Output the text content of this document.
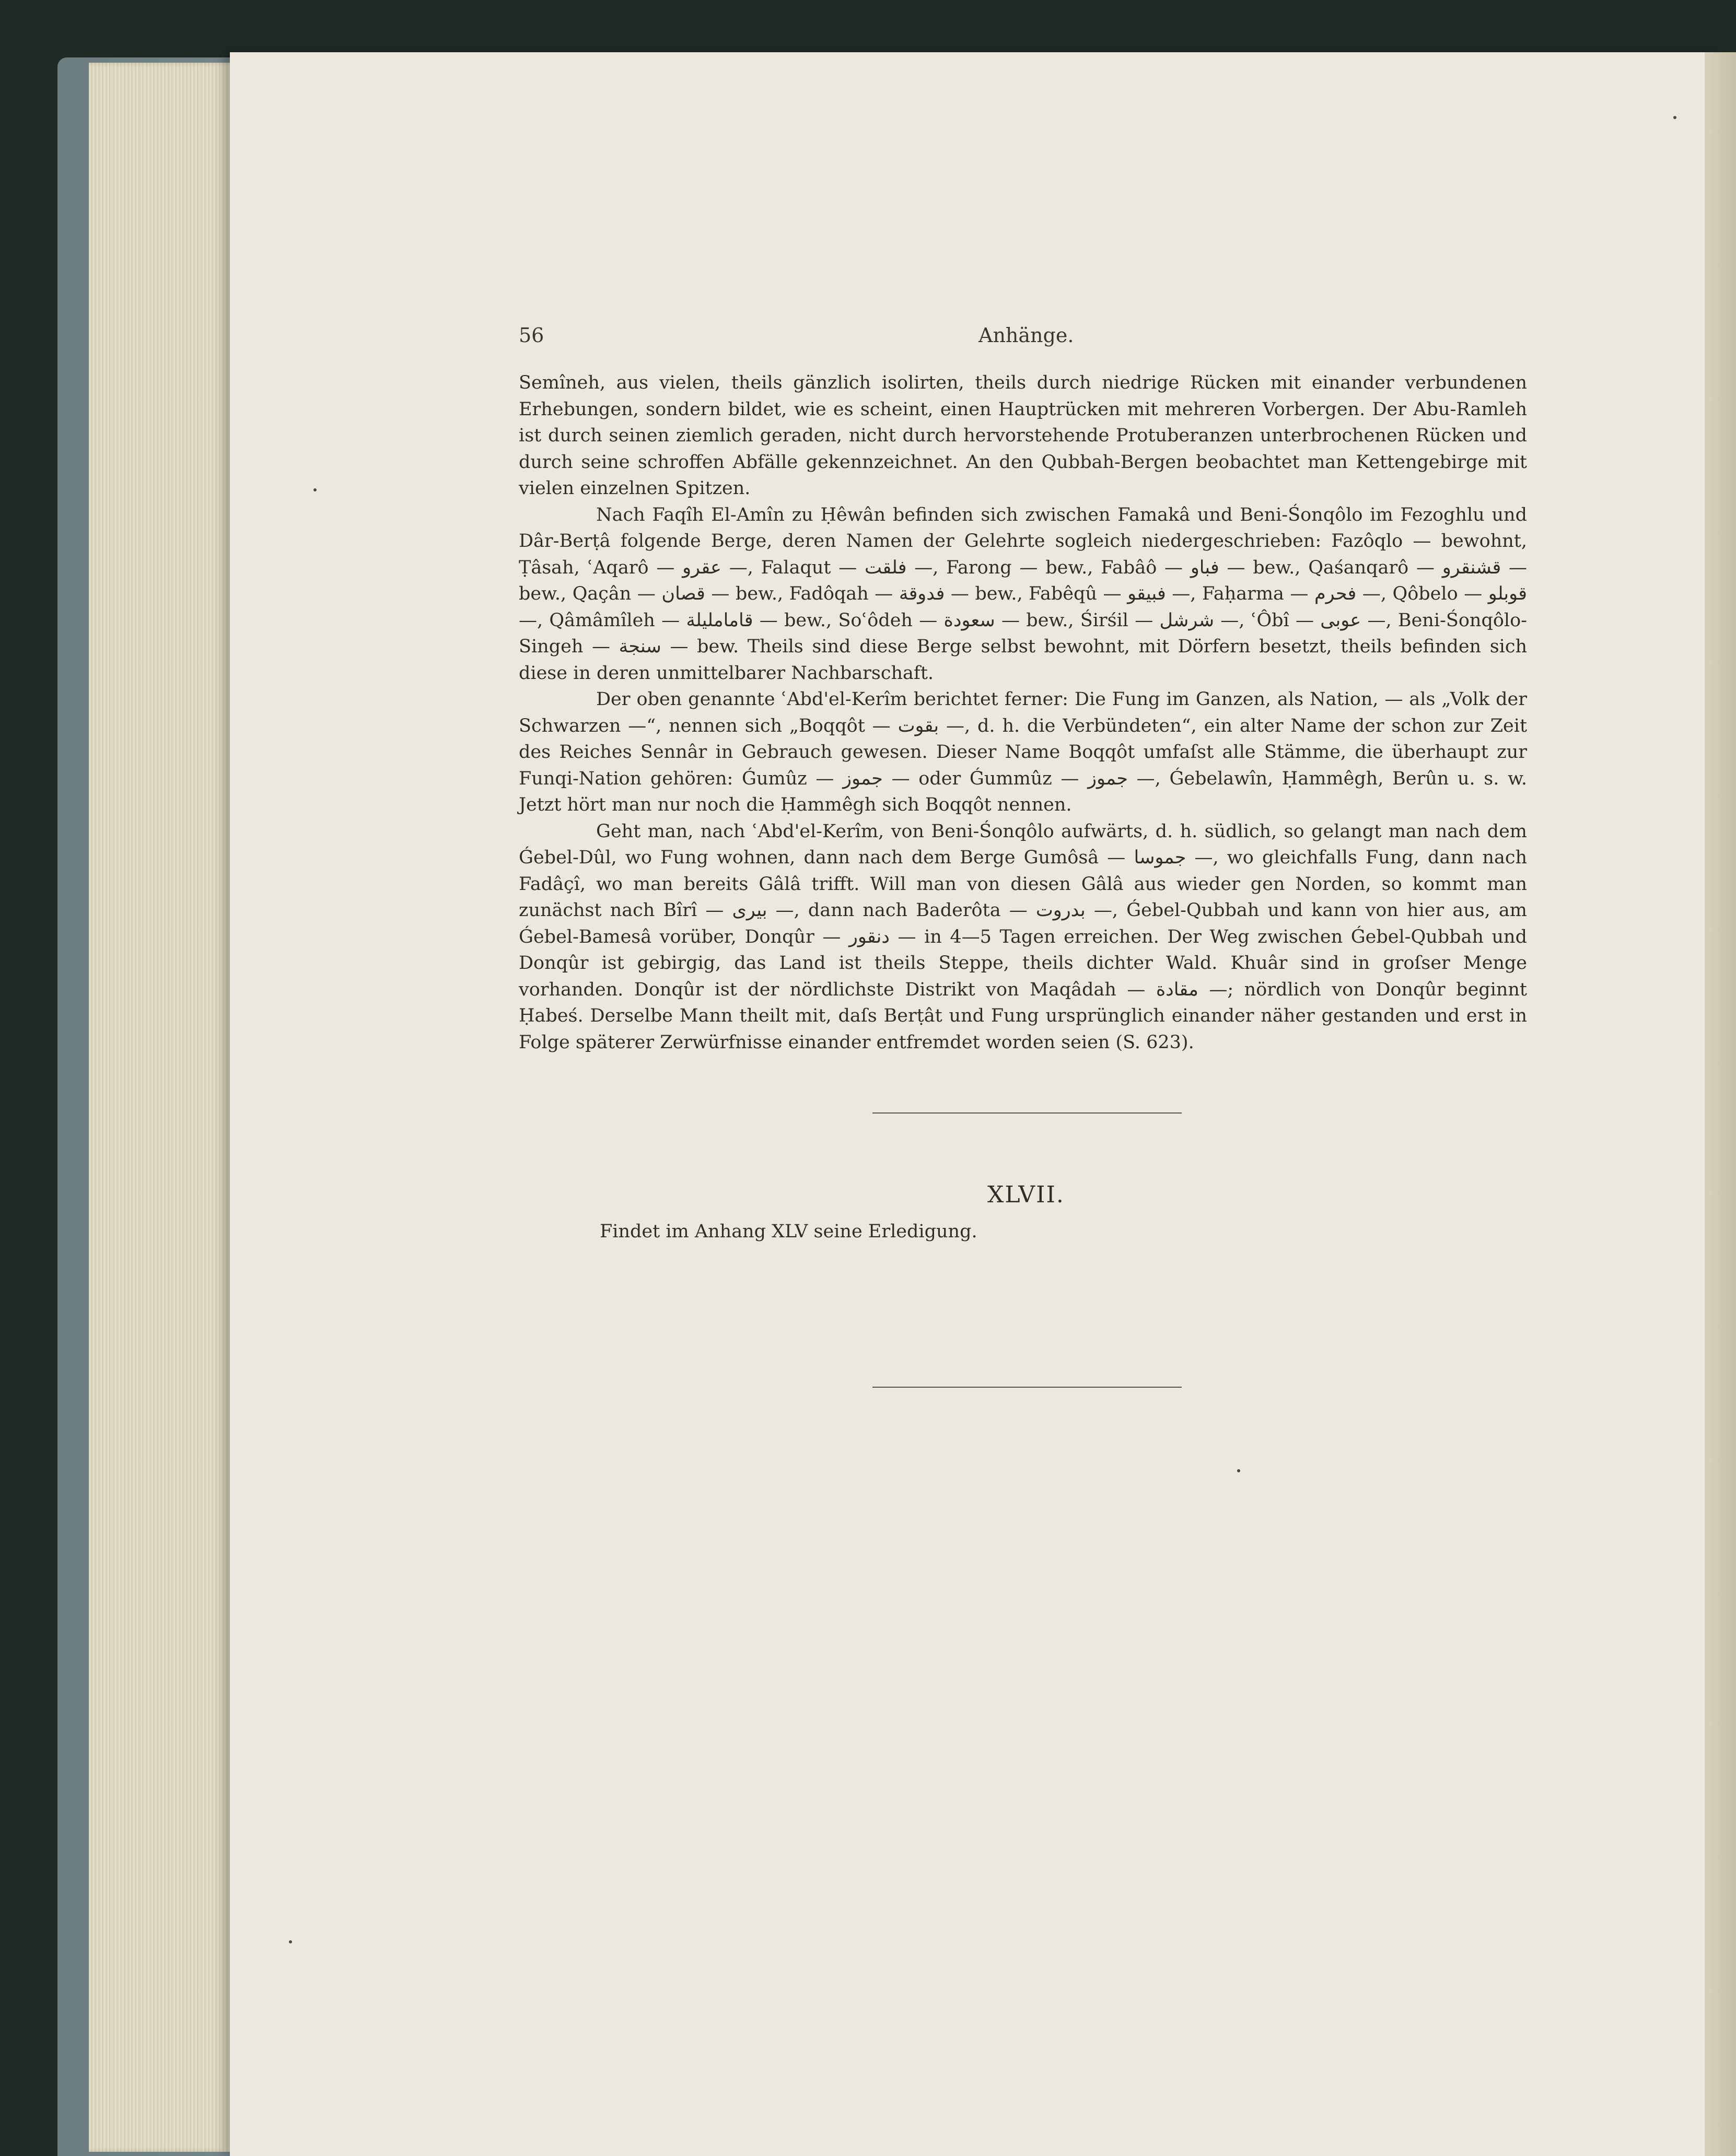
56	Anhänge.

Semîneh, aus vielen, theils gänzlich isolirten, theils durch niedrige Rücken mit einander verbundenen Erhebungen, sondern bildet, wie es scheint, einen Hauptrücken mit mehreren Vorbergen. Der Abu-Ramleh ist durch seinen ziemlich geraden, nicht durch hervorstehende Protuberanzen unterbrochenen Rücken und durch seine schroffen Abfälle gekennzeichnet. An den Qubbah-Bergen beobachtet man Kettengebirge mit vielen einzelnen Spitzen.

Nach Faqîh El-Amîn zu Ḥêwân befinden sich zwischen Famakâ und Beni-Śonqôlo im Fezoghlu und Dâr-Berṭâ folgende Berge, deren Namen der Gelehrte sogleich niedergeschrieben: Fazôqlo — bewohnt, Ṭâsah, ʿAqarô — عقرو —, Falaqut — فلقت —, Farong — bew., Fabâô — فباو — bew., Qaśanqarô — قشنقرو — bew., Qaçân — قصان — bew., Fadôqah — فدوقة — bew., Fabêqû — فبيقو —, Faḥarma — فحرم —, Qôbelo — قوبلو —, Qâmâmîleh — قامامليلة — bew., Soʿôdeh — سعودة — bew., Śirśil — شرشل —, ʿÔbî — عوبى —, Beni-Śonqôlo-Singeh — سنجة — bew. Theils sind diese Berge selbst bewohnt, mit Dörfern besetzt, theils befinden sich diese in deren unmittelbarer Nachbarschaft.

Der oben genannte ʿAbd'el-Kerîm berichtet ferner: Die Fung im Ganzen, als Nation, — als „Volk der Schwarzen —“, nennen sich „Boqqôt — بقوت —, d. h. die Verbündeten“, ein alter Name der schon zur Zeit des Reiches Sennâr in Gebrauch gewesen. Dieser Name Boqqôt umfaſst alle Stämme, die überhaupt zur Funqi-Nation gehören: Ǵumûz — جموز — oder Ǵummûz — جموز —, Ǵebelawîn, Ḥammêgh, Berûn u. s. w. Jetzt hört man nur noch die Ḥammêgh sich Boqqôt nennen.

Geht man, nach ʿAbd'el-Kerîm, von Beni-Śonqôlo aufwärts, d. h. südlich, so gelangt man nach dem Ǵebel-Dûl, wo Fung wohnen, dann nach dem Berge Gumôsâ — جموسا —, wo gleichfalls Fung, dann nach Fadâçî, wo man bereits Gâlâ trifft. Will man von diesen Gâlâ aus wieder gen Norden, so kommt man zunächst nach Bîrî — بيرى —, dann nach Baderôta — بدروت —, Ǵebel-Qubbah und kann von hier aus, am Ǵebel-Bamesâ vorüber, Donqûr — دنقور — in 4—5 Tagen erreichen. Der Weg zwischen Ǵebel-Qubbah und Donqûr ist gebirgig, das Land ist theils Steppe, theils dichter Wald. Khuâr sind in groſser Menge vorhanden. Donqûr ist der nördlichste Distrikt von Maqâdah — مقادة —; nördlich von Donqûr beginnt Ḥabeś. Derselbe Mann theilt mit, daſs Berṭât und Fung ursprünglich einander näher gestanden und erst in Folge späterer Zerwürfnisse einander entfremdet worden seien (S. 623).

XLVII.
Findet im Anhang XLV seine Erledigung.
